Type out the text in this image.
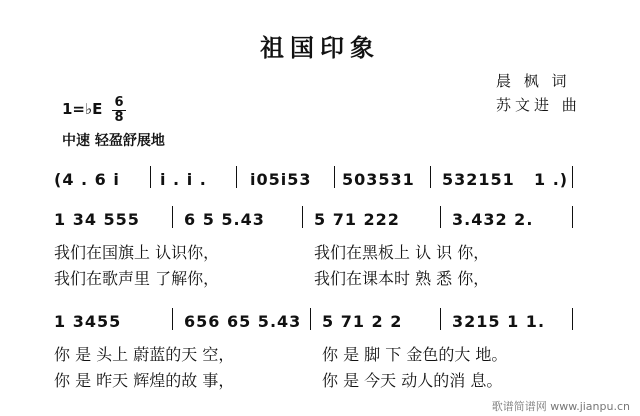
祖国印象
晨 枫 词
苏文进 曲
1=♭E 6
8
中速 轻盈舒展地
(4 . 6 i	i . i .	i05i53 503531 532151 1 .)
1 34 555	6 5 5.43	5 71 222	3.432 2.
我们在国旗上 认识你，	我们在黑板上 认 识 你，
我们在歌声里 了解你，	我们在课本时 熟 悉 你，
1 3455	656 65 5.43 5 71 2 2	3215 1 1.
你 是 头上 蔚蓝的天 空，	你 是 脚 下 金色的大 地。
你 是 昨天 辉煌的故 事，	你 是 今天 动人的消 息。
歌谱简谱网 www.jianpu.cn
